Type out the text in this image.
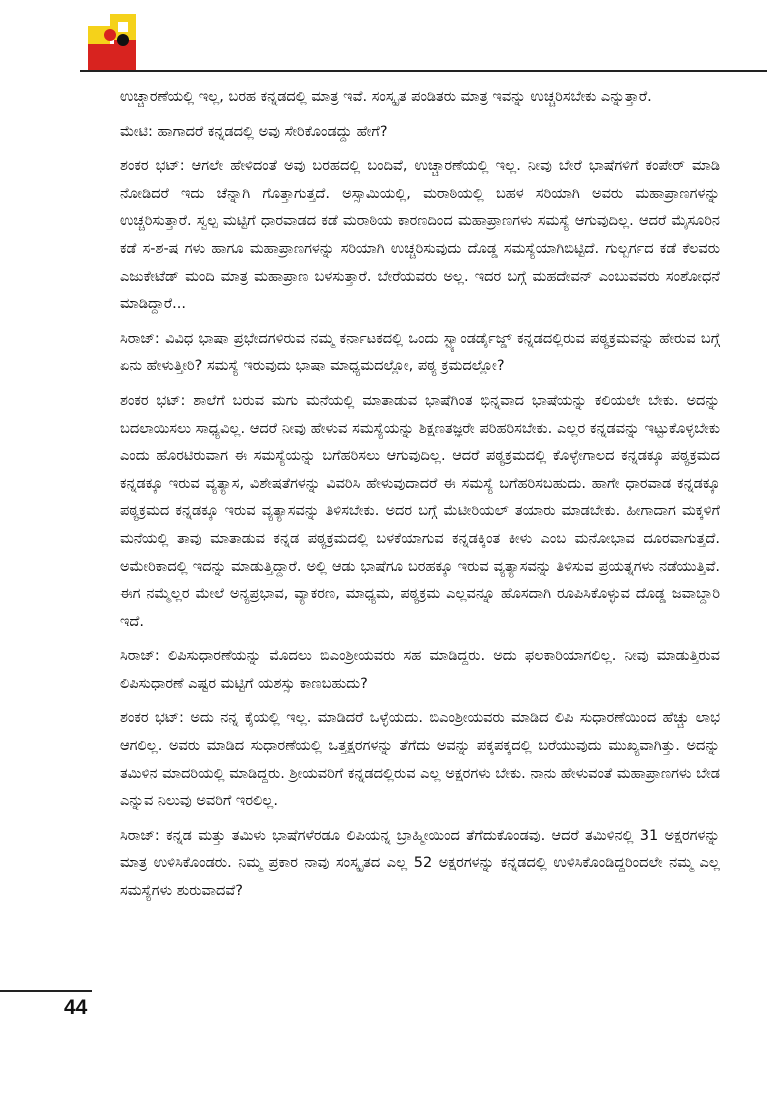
ಉಚ್ಚಾರಣೆಯಲ್ಲಿ ಇಲ್ಲ, ಬರಹ ಕನ್ನಡದಲ್ಲಿ ಮಾತ್ರ ಇವೆ. ಸಂಸ್ಕೃತ ಪಂಡಿತರು ಮಾತ್ರ ಇವನ್ನು ಉಚ್ಚರಿಸಬೇಕು ಎನ್ನುತ್ತಾರೆ.

ಮೇಟಿ: ಹಾಗಾದರೆ ಕನ್ನಡದಲ್ಲಿ ಅವು ಸೇರಿಕೊಂಡದ್ದು ಹೇಗೆ?

ಶಂಕರ ಭಟ್: ಆಗಲೇ ಹೇಳಿದಂತೆ ಅವು ಬರಹದಲ್ಲಿ ಬಂದಿವೆ, ಉಚ್ಚಾರಣೆಯಲ್ಲಿ ಇಲ್ಲ. ನೀವು ಬೇರೆ ಭಾಷೆಗಳಿಗೆ ಕಂಪೇರ್ ಮಾಡಿ ನೋಡಿದರೆ ಇದು ಚೆನ್ನಾಗಿ ಗೊತ್ತಾಗುತ್ತದೆ. ಅಸ್ಸಾಮಿಯಲ್ಲಿ, ಮರಾಠಿಯಲ್ಲಿ ಬಹಳ ಸರಿಯಾಗಿ ಅವರು ಮಹಾಪ್ರಾಣಗಳನ್ನು ಉಚ್ಚರಿಸುತ್ತಾರೆ. ಸ್ವಲ್ಪ ಮಟ್ಟಿಗೆ ಧಾರವಾಡದ ಕಡೆ ಮರಾಠಿಯ ಕಾರಣದಿಂದ ಮಹಾಪ್ರಾಣಗಳು ಸಮಸ್ಯೆ ಆಗುವುದಿಲ್ಲ. ಆದರೆ ಮೈಸೂರಿನ ಕಡೆ ಸ-ಶ-ಷ ಗಳು ಹಾಗೂ ಮಹಾಪ್ರಾಣಗಳನ್ನು ಸರಿಯಾಗಿ ಉಚ್ಚರಿಸುವುದು ದೊಡ್ಡ ಸಮಸ್ಯೆಯಾಗಿಬಿಟ್ಟಿದೆ. ಗುಲ್ಬರ್ಗದ ಕಡೆ ಕೆಲವರು ಎಜುಕೇಟೆಡ್ ಮಂದಿ ಮಾತ್ರ ಮಹಾಪ್ರಾಣ ಬಳಸುತ್ತಾರೆ. ಬೇರೆಯವರು ಅಲ್ಲ. ಇದರ ಬಗ್ಗೆ ಮಹದೇವನ್ ಎಂಬುವವರು ಸಂಶೋಧನೆ ಮಾಡಿದ್ದಾರೆ...

ಸಿರಾಜ್: ವಿವಿಧ ಭಾಷಾ ಪ್ರಭೇದಗಳಿರುವ ನಮ್ಮ ಕರ್ನಾಟಕದಲ್ಲಿ ಒಂದು ಸ್ಟ್ಯಾಂಡರ್ಡೈಜ್ಡ್ ಕನ್ನಡದಲ್ಲಿರುವ ಪಠ್ಯಕ್ರಮವನ್ನು ಹೇರುವ ಬಗ್ಗೆ ಏನು ಹೇಳುತ್ತೀರಿ? ಸಮಸ್ಯೆ ಇರುವುದು ಭಾಷಾ ಮಾಧ್ಯಮದಲ್ಲೋ, ಪಠ್ಯ ಕ್ರಮದಲ್ಲೋ?

ಶಂಕರ ಭಟ್: ಶಾಲೆಗೆ ಬರುವ ಮಗು ಮನೆಯಲ್ಲಿ ಮಾತಾಡುವ ಭಾಷೆಗಿಂತ ಭಿನ್ನವಾದ ಭಾಷೆಯನ್ನು ಕಲಿಯಲೇ ಬೇಕು. ಅದನ್ನು ಬದಲಾಯಿಸಲು ಸಾಧ್ಯವಿಲ್ಲ. ಆದರೆ ನೀವು ಹೇಳುವ ಸಮಸ್ಯೆಯನ್ನು ಶಿಕ್ಷಣತಜ್ಞರೇ ಪರಿಹರಿಸಬೇಕು. ಎಲ್ಲರ ಕನ್ನಡವನ್ನು ಇಟ್ಟುಕೊಳ್ಳಬೇಕು ಎಂದು ಹೊರಟಿರುವಾಗ ಈ ಸಮಸ್ಯೆಯನ್ನು ಬಗೆಹರಿಸಲು ಆಗುವುದಿಲ್ಲ. ಆದರೆ ಪಠ್ಯಕ್ರಮದಲ್ಲಿ ಕೊಳ್ಳೇಗಾಲದ ಕನ್ನಡಕ್ಕೂ ಪಠ್ಯಕ್ರಮದ ಕನ್ನಡಕ್ಕೂ ಇರುವ ವ್ಯತ್ಯಾಸ, ವಿಶೇಷತೆಗಳನ್ನು ವಿವರಿಸಿ ಹೇಳುವುದಾದರೆ ಈ ಸಮಸ್ಯೆ ಬಗೆಹರಿಸಬಹುದು. ಹಾಗೇ ಧಾರವಾಡ ಕನ್ನಡಕ್ಕೂ ಪಠ್ಯಕ್ರಮದ ಕನ್ನಡಕ್ಕೂ ಇರುವ ವ್ಯತ್ಯಾಸವನ್ನು ತಿಳಿಸಬೇಕು. ಅದರ ಬಗ್ಗೆ ಮೆಟೀರಿಯಲ್ ತಯಾರು ಮಾಡಬೇಕು. ಹೀಗಾದಾಗ ಮಕ್ಕಳಿಗೆ ಮನೆಯಲ್ಲಿ ತಾವು ಮಾತಾಡುವ ಕನ್ನಡ ಪಠ್ಯಕ್ರಮದಲ್ಲಿ ಬಳಕೆಯಾಗುವ ಕನ್ನಡಕ್ಕಿಂತ ಕೀಳು ಎಂಬ ಮನೋಭಾವ ದೂರವಾಗುತ್ತದೆ. ಅಮೇರಿಕಾದಲ್ಲಿ ಇದನ್ನು ಮಾಡುತ್ತಿದ್ದಾರೆ. ಅಲ್ಲಿ ಆಡು ಭಾಷೆಗೂ ಬರಹಕ್ಕೂ ಇರುವ ವ್ಯತ್ಯಾಸವನ್ನು ತಿಳಿಸುವ ಪ್ರಯತ್ನಗಳು ನಡೆಯುತ್ತಿವೆ. ಈಗ ನಮ್ಮೆಲ್ಲರ ಮೇಲೆ ಅನ್ಯಪ್ರಭಾವ, ವ್ಯಾಕರಣ, ಮಾಧ್ಯಮ, ಪಠ್ಯಕ್ರಮ ಎಲ್ಲವನ್ನೂ ಹೊಸದಾಗಿ ರೂಪಿಸಿಕೊಳ್ಳುವ ದೊಡ್ಡ ಜವಾಬ್ದಾರಿ ಇದೆ.

ಸಿರಾಜ್: ಲಿಪಿಸುಧಾರಣೆಯನ್ನು ಮೊದಲು ಬಿಎಂಶ್ರೀಯವರು ಸಹ ಮಾಡಿದ್ದರು. ಅದು ಫಲಕಾರಿಯಾಗಲಿಲ್ಲ. ನೀವು ಮಾಡುತ್ತಿರುವ ಲಿಪಿಸುಧಾರಣೆ ಎಷ್ಟರ ಮಟ್ಟಿಗೆ ಯಶಸ್ಸು ಕಾಣಬಹುದು?

ಶಂಕರ ಭಟ್: ಅದು ನನ್ನ ಕೈಯಲ್ಲಿ ಇಲ್ಲ. ಮಾಡಿದರೆ ಒಳ್ಳೆಯದು. ಬಿಎಂಶ್ರೀಯವರು ಮಾಡಿದ ಲಿಪಿ ಸುಧಾರಣೆಯಿಂದ ಹೆಚ್ಚು ಲಾಭ ಆಗಲಿಲ್ಲ. ಅವರು ಮಾಡಿದ ಸುಧಾರಣೆಯಲ್ಲಿ ಒತ್ತಕ್ಷರಗಳನ್ನು ತೆಗೆದು ಅವನ್ನು ಪಕ್ಕಪಕ್ಕದಲ್ಲಿ ಬರೆಯುವುದು ಮುಖ್ಯವಾಗಿತ್ತು. ಅದನ್ನು ತಮಿಳಿನ ಮಾದರಿಯಲ್ಲಿ ಮಾಡಿದ್ದರು. ಶ್ರೀಯವರಿಗೆ ಕನ್ನಡದಲ್ಲಿರುವ ಎಲ್ಲ ಅಕ್ಷರಗಳು ಬೇಕು. ನಾನು ಹೇಳುವಂತೆ ಮಹಾಪ್ರಾಣಗಳು ಬೇಡ ಎನ್ನುವ ನಿಲುವು ಅವರಿಗೆ ಇರಲಿಲ್ಲ.

ಸಿರಾಜ್: ಕನ್ನಡ ಮತ್ತು ತಮಿಳು ಭಾಷೆಗಳೆರಡೂ ಲಿಪಿಯನ್ನ ಬ್ರಾಹ್ಮೀಯಿಂದ ತೆಗೆದುಕೊಂಡವು. ಆದರೆ ತಮಿಳಿನಲ್ಲಿ 31 ಅಕ್ಷರಗಳನ್ನು ಮಾತ್ರ ಉಳಿಸಿಕೊಂಡರು. ನಿಮ್ಮ ಪ್ರಕಾರ ನಾವು ಸಂಸ್ಕೃತದ ಎಲ್ಲ 52 ಅಕ್ಷರಗಳನ್ನು ಕನ್ನಡದಲ್ಲಿ ಉಳಿಸಿಕೊಂಡಿದ್ದರಿಂದಲೇ ನಮ್ಮ ಎಲ್ಲ ಸಮಸ್ಯೆಗಳು ಶುರುವಾದವೆ?

44
